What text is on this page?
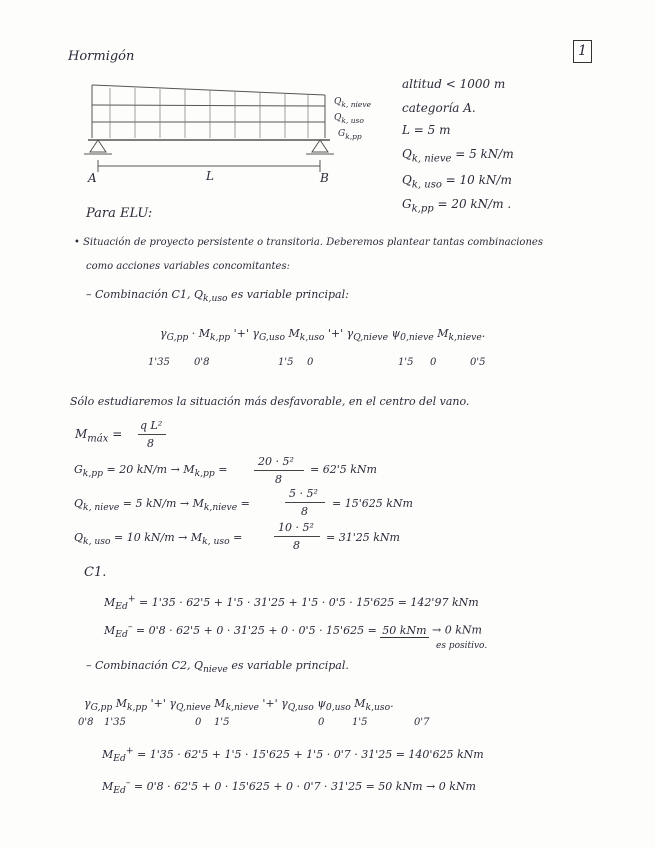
1
Hormigón
$Q_{k, nieve}$
$Q_{k, uso}$
$G_{k,pp}$
A	L	B
altitud < 1000 m
categoría A.
L = 5 m
$Q_{k, nieve} = 5$ kN/m
$Q_{k, uso} = 10$ kN/m
$G_{k,pp} = 20$ kN/m .
Para ELU:
• Situación de proyecto persistente o transitoria. Deberemos plantear tantas combinaciones
como acciones variables concomitantes:
– Combinación C1, $Q_{k,uso}$ es variable principal:
$\gamma_{G,pp} \cdot M_{k,pp}$ '+' $\gamma_{G,uso}$ $M_{k,uso}$ '+' $\gamma_{Q,nieve}$ $\psi_{0,nieve}$ $M_{k,nieve}$.
1'35 0'8	1'5 0	1'5 0	0'5
Sólo estudiaremos la situación más desfavorable, en el centro del vano.
$M_{máx}$ =
q L²
8
$G_{k,pp} = 20$ $kN/m \to M_{k,pp}$ =
20 · 5²
8
= 62'5 kNm
$Q_{k, nieve} = 5$ $kN/m \to M_{k,nieve}$ =
5 · 5²
8
= 15'625 kNm
$Q_{k, uso} = 10$ $kN/m \to M_{k, uso}$ =
10 · 5²
8
= 31'25 kNm
C1.
$M_{Ed}^+ = 1'35 \cdot 62'5 + 1'5 \cdot 31'25 + 1'5 \cdot 0'5 \cdot 15'625 = 142'97$ kNm
$M_{Ed}^- = 0'8 \cdot 62'5 + 0 \cdot 31'25 + 0 \cdot 0'5 \cdot 15'625 = 50$ kNm → 0 kNm
es positivo.
– Combinación C2, $Q_{nieve}$ es variable principal.
$\gamma_{G,pp}$ $M_{k,pp}$ '+' $\gamma_{Q,nieve}$ $M_{k,nieve}$ '+' $\gamma_{Q,uso}$ $\psi_{0,uso}$ $M_{k,uso}$.
0'8 1'35	0 1'5	0	1'5	0'7
$M_{Ed}^+ = 1'35 \cdot 62'5 + 1'5 \cdot 15'625 + 1'5 \cdot 0'7 \cdot 31'25 = 140'625$ kNm
$M_{Ed}^- = 0'8 \cdot 62'5 + 0 \cdot 15'625 + 0 \cdot 0'7 \cdot 31'25 = 50$ kNm → 0 kNm
